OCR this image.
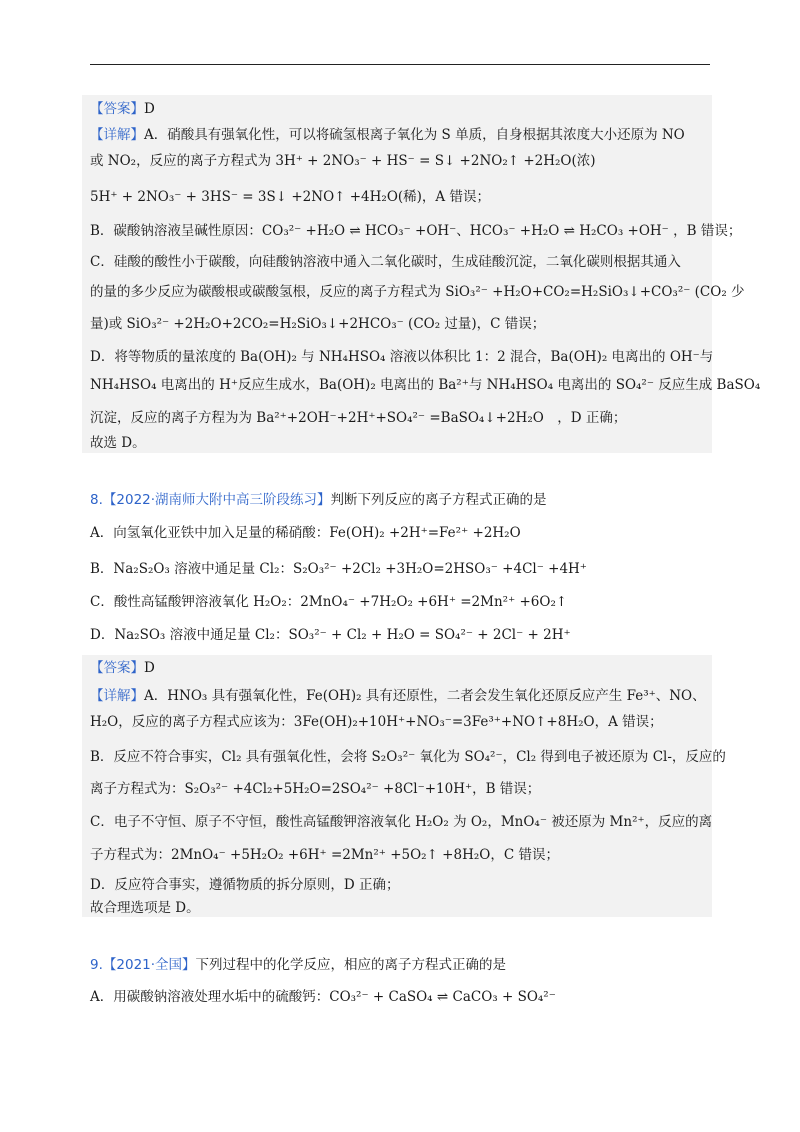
【答案】D
【详解】A．硝酸具有强氧化性，可以将硫氢根离子氧化为 S 单质，自身根据其浓度大小还原为 NO
或 NO₂，反应的离子方程式为 3H⁺ + 2NO₃⁻ + HS⁻ = S↓ +2NO₂↑ +2H₂O(浓)
5H⁺ + 2NO₃⁻ + 3HS⁻ = 3S↓ +2NO↑ +4H₂O(稀)，A 错误；
B．碳酸钠溶液呈碱性原因：CO₃²⁻ +H₂O ⇌ HCO₃⁻ +OH⁻、HCO₃⁻ +H₂O ⇌ H₂CO₃ +OH⁻ ，B 错误；
C．硅酸的酸性小于碳酸，向硅酸钠溶液中通入二氧化碳时，生成硅酸沉淀，二氧化碳则根据其通入
的量的多少反应为碳酸根或碳酸氢根，反应的离子方程式为 SiO₃²⁻ +H₂O+CO₂=H₂SiO₃↓+CO₃²⁻ (CO₂ 少
量)或 SiO₃²⁻ +2H₂O+2CO₂=H₂SiO₃↓+2HCO₃⁻ (CO₂ 过量)，C 错误；
D．将等物质的量浓度的 Ba(OH)₂ 与 NH₄HSO₄ 溶液以体积比 1：2 混合，Ba(OH)₂ 电离出的 OH⁻与
NH₄HSO₄ 电离出的 H⁺反应生成水，Ba(OH)₂ 电离出的 Ba²⁺与 NH₄HSO₄ 电离出的 SO₄²⁻ 反应生成 BaSO₄
沉淀，反应的离子方程为为 Ba²⁺+2OH⁻+2H⁺+SO₄²⁻ =BaSO₄↓+2H₂O　，D 正确；
故选 D。
8.【2022·湖南师大附中高三阶段练习】判断下列反应的离子方程式正确的是
A．向氢氧化亚铁中加入足量的稀硝酸：Fe(OH)₂ +2H⁺=Fe²⁺ +2H₂O
B．Na₂S₂O₃ 溶液中通足量 Cl₂：S₂O₃²⁻ +2Cl₂ +3H₂O=2HSO₃⁻ +4Cl⁻ +4H⁺
C．酸性高锰酸钾溶液氧化 H₂O₂：2MnO₄⁻ +7H₂O₂ +6H⁺ =2Mn²⁺ +6O₂↑
D．Na₂SO₃ 溶液中通足量 Cl₂：SO₃²⁻ + Cl₂ + H₂O = SO₄²⁻ + 2Cl⁻ + 2H⁺
【答案】D
【详解】A．HNO₃ 具有强氧化性，Fe(OH)₂ 具有还原性，二者会发生氧化还原反应产生 Fe³⁺、NO、
H₂O，反应的离子方程式应该为：3Fe(OH)₂+10H⁺+NO₃⁻=3Fe³⁺+NO↑+8H₂O，A 错误；
B．反应不符合事实，Cl₂ 具有强氧化性，会将 S₂O₃²⁻ 氧化为 SO₄²⁻，Cl₂ 得到电子被还原为 Cl-，反应的
离子方程式为：S₂O₃²⁻ +4Cl₂+5H₂O=2SO₄²⁻ +8Cl⁻+10H⁺，B 错误；
C．电子不守恒、原子不守恒，酸性高锰酸钾溶液氧化 H₂O₂ 为 O₂，MnO₄⁻ 被还原为 Mn²⁺，反应的离
子方程式为：2MnO₄⁻ +5H₂O₂ +6H⁺ =2Mn²⁺ +5O₂↑ +8H₂O，C 错误；
D．反应符合事实，遵循物质的拆分原则，D 正确；
故合理选项是 D。
9.【2021·全国】下列过程中的化学反应，相应的离子方程式正确的是
A．用碳酸钠溶液处理水垢中的硫酸钙：CO₃²⁻ + CaSO₄ ⇌ CaCO₃ + SO₄²⁻
